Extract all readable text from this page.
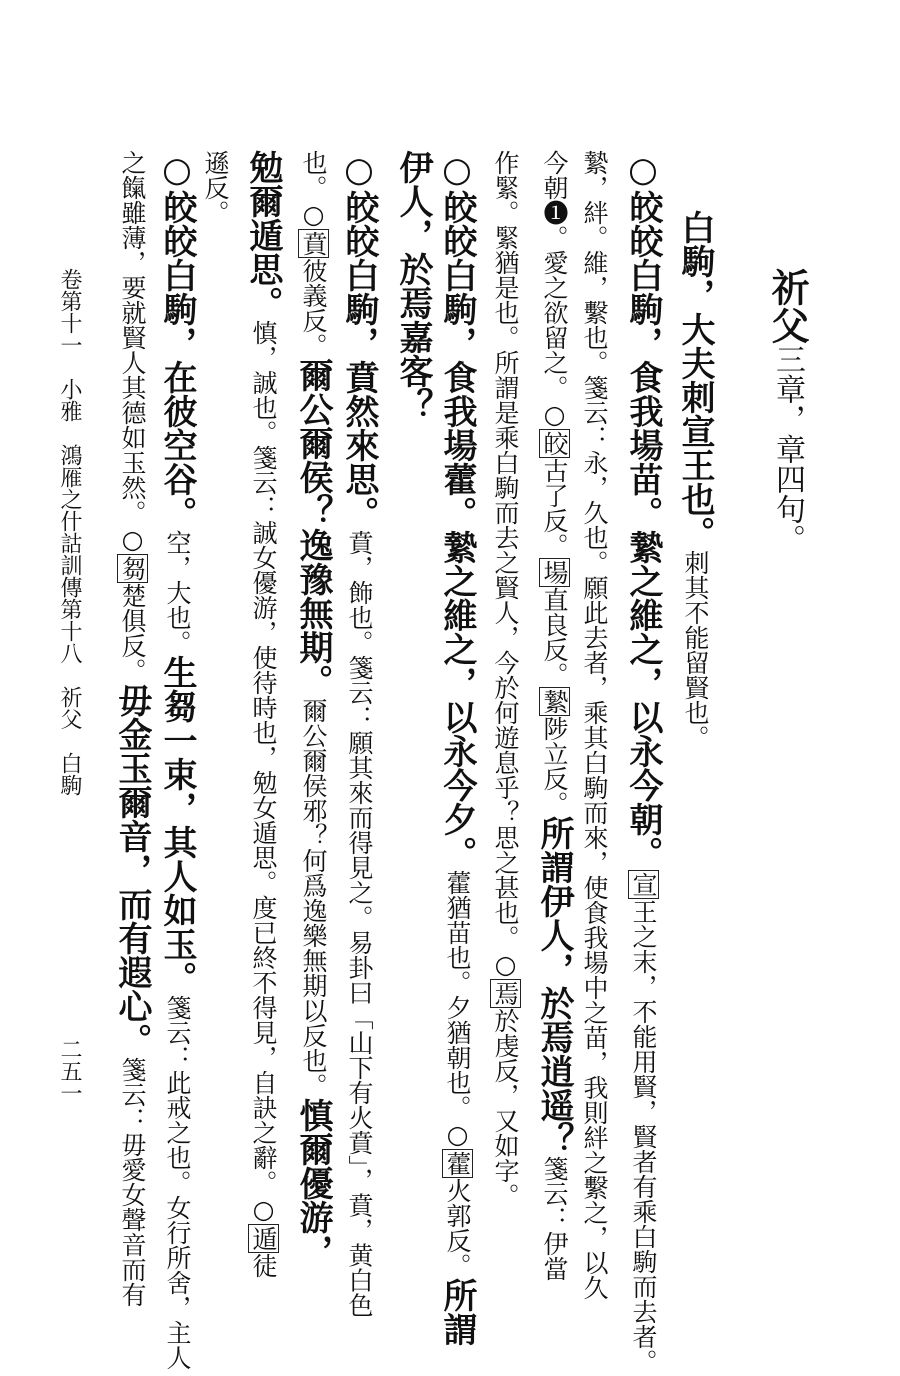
祈父三章，章四句。
白駒，大夫刺宣王也。刺其不能留賢也。
○皎皎白駒，食我場苗。縶之維之，以永今朝。宣王之末，不能用賢，賢者有乘白駒而去者。
縶，絆。維，繫也。箋云：永，久也。願此去者，乘其白駒而來，使食我場中之苗，我則絆之繫之，以久
今朝❶。愛之欲留之。○皎古了反。場直良反。縶陟立反。所謂伊人，於焉逍遥？箋云：伊當
作緊。緊猶是也。所謂是乘白駒而去之賢人，今於何遊息乎？思之甚也。○焉於虔反，又如字。
○皎皎白駒，食我場藿。縶之維之，以永今夕。藿猶苗也。夕猶朝也。○藿火郭反。所謂
伊人，於焉嘉客？
○皎皎白駒，賁然來思。賁，飾也。箋云：願其來而得見之。易卦曰「山下有火賁」，賁，黄白色
也。○賁彼義反。爾公爾侯？逸豫無期。爾公爾侯邪？何爲逸樂無期以反也。慎爾優游，
勉爾遁思。慎，誠也。箋云：誠女優游，使待時也，勉女遁思。度已終不得見，自訣之辭。○遁徒
遜反。
○皎皎白駒，在彼空谷。空，大也。生芻一束，其人如玉。箋云：此戒之也。女行所舍，主人
之餼雖薄，要就賢人其德如玉然。○芻楚俱反。毋金玉爾音，而有遐心。箋云：毋愛女聲音而有
卷第十一　小雅　鴻雁之什詁訓傳第十八　祈父　白駒
二五一
